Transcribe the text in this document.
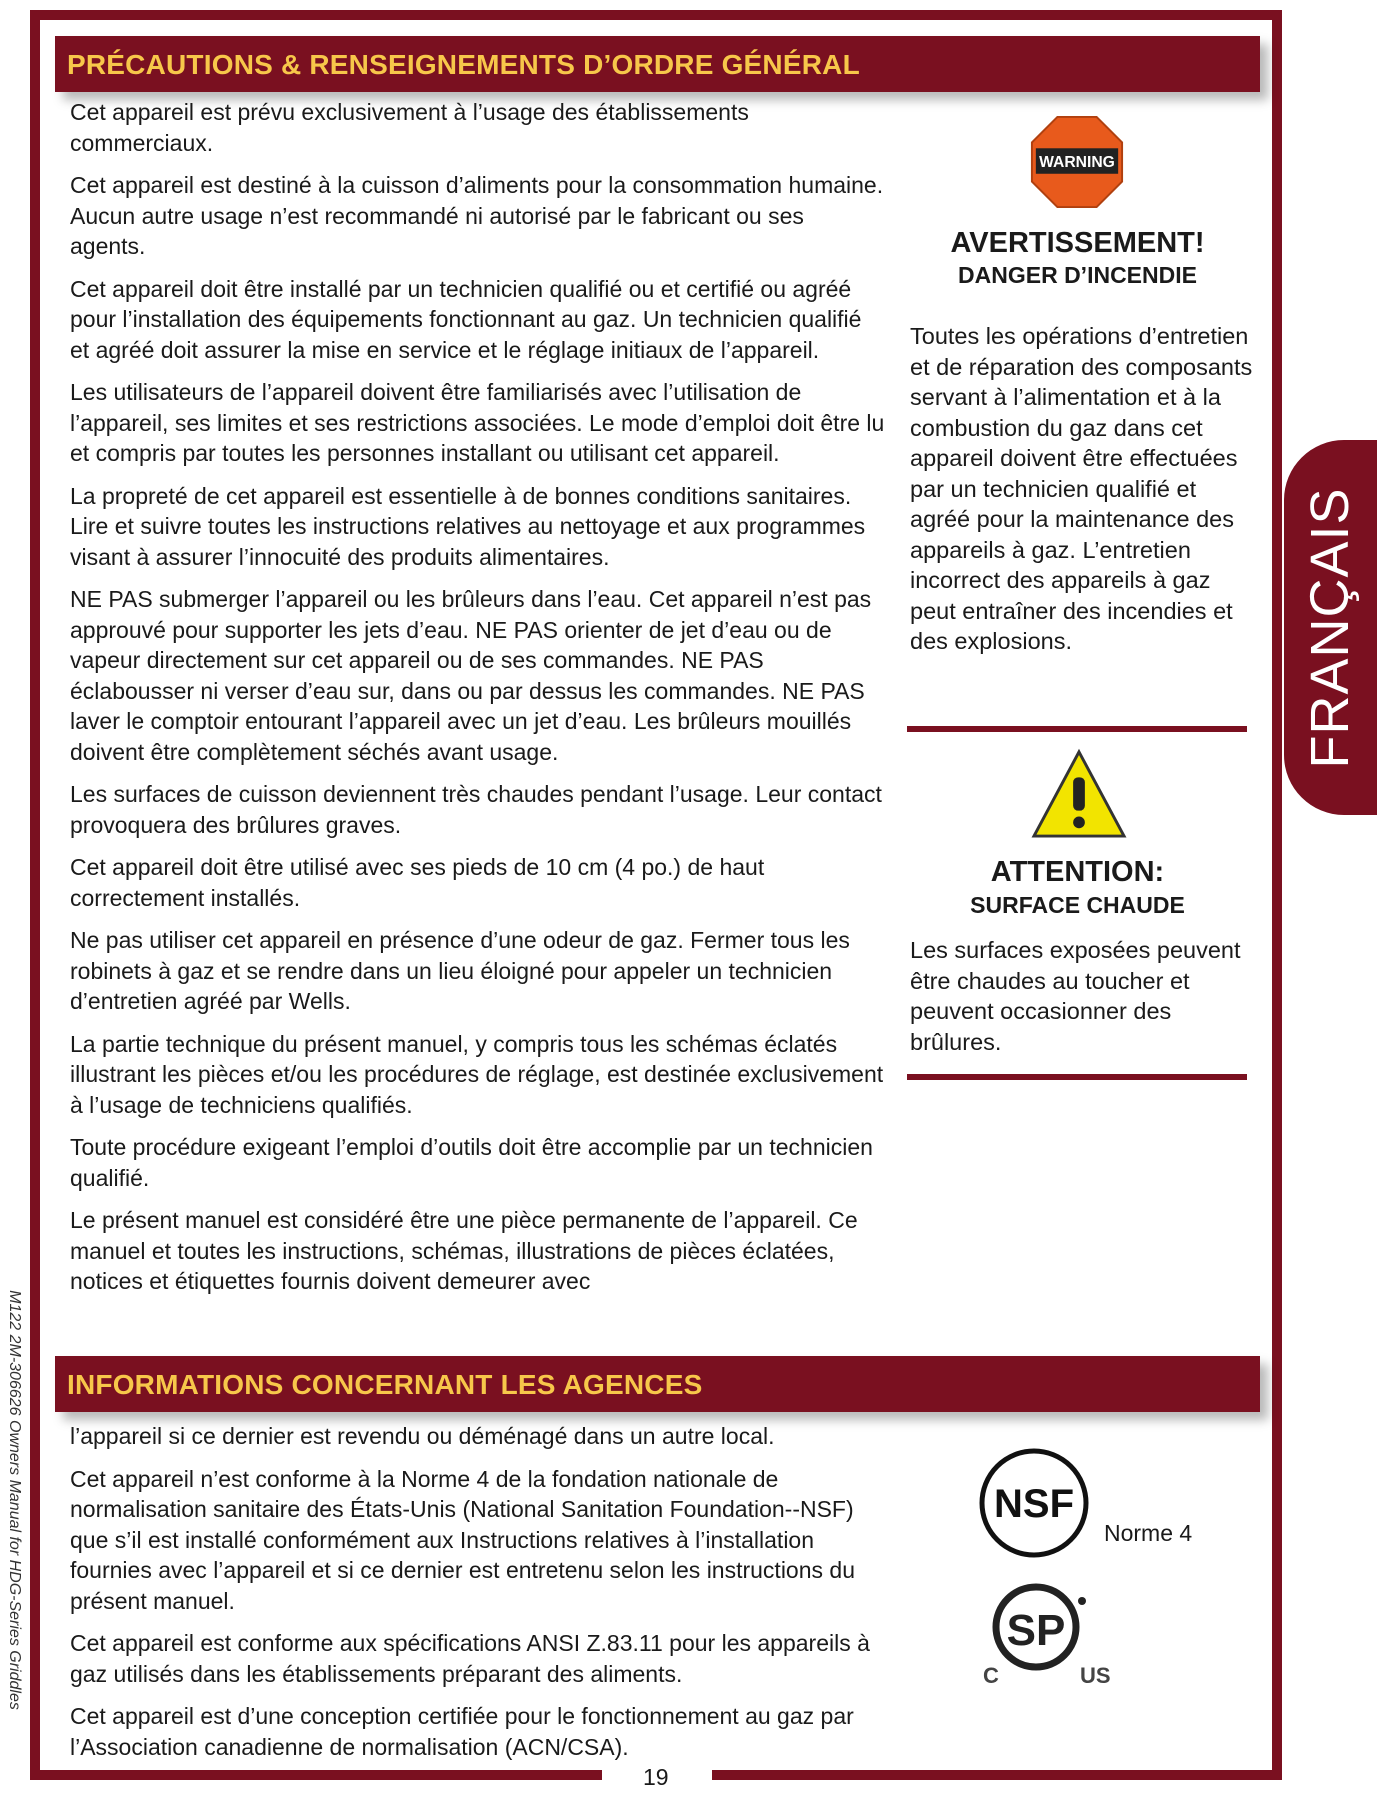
PRÉCAUTIONS & RENSEIGNEMENTS D’ORDRE GÉNÉRAL

Cet appareil est prévu exclusivement à l’usage des établissements commerciaux.

Cet appareil est destiné à la cuisson d’aliments pour la consommation humaine. Aucun autre usage n’est recommandé ni autorisé par le fabricant ou ses agents.

Cet appareil doit être installé par un technicien qualifié ou et certifié ou agréé pour l’installation des équipements fonctionnant au gaz. Un technicien qualifié et agréé doit assurer la mise en service et le réglage initiaux de l’appareil.

Les utilisateurs de l’appareil doivent être familiarisés avec l’utilisation de l’appareil, ses limites et ses restrictions associées. Le mode d’emploi doit être lu et compris par toutes les personnes installant ou utilisant cet appareil.

La propreté de cet appareil est essentielle à de bonnes conditions sanitaires. Lire et suivre toutes les instructions relatives au nettoyage et aux programmes visant à assurer l’innocuité des produits alimentaires.

NE PAS submerger l’appareil ou les brûleurs dans l’eau. Cet appareil n’est pas approuvé pour supporter les jets d’eau. NE PAS orienter de jet d’eau ou de vapeur directement sur cet appareil ou de ses commandes. NE PAS éclabousser ni verser d’eau sur, dans ou par dessus les commandes. NE PAS laver le comptoir entourant l’appareil avec un jet d’eau. Les brûleurs mouillés doivent être complètement séchés avant usage.

Les surfaces de cuisson deviennent très chaudes pendant l’usage. Leur contact provoquera des brûlures graves.

Cet appareil doit être utilisé avec ses pieds de 10 cm (4 po.) de haut correctement installés.

Ne pas utiliser cet appareil en présence d’une odeur de gaz. Fermer tous les robinets à gaz et se rendre dans un lieu éloigné pour appeler un technicien d’entretien agréé par Wells.

La partie technique du présent manuel, y compris tous les schémas éclatés illustrant les pièces et/ou les procédures de réglage, est destinée exclusivement à l’usage de techniciens qualifiés.

Toute procédure exigeant l’emploi d’outils doit être accomplie par un technicien qualifié.

Le présent manuel est considéré être une pièce permanente de l’appareil. Ce manuel et toutes les instructions, schémas, illustrations de pièces éclatées, notices et étiquettes fournis doivent demeurer avec

INFORMATIONS CONCERNANT LES AGENCES

l’appareil si ce dernier est revendu ou déménagé dans un autre local.

Cet appareil n’est conforme à la Norme 4 de la fondation nationale de normalisation sanitaire des États-Unis (National Sanitation Foundation--NSF) que s’il est installé conformément aux Instructions relatives à l’installation fournies avec l’appareil et si ce dernier est entretenu selon les instructions du présent manuel.

Cet appareil est conforme aux spécifications ANSI Z.83.11 pour les appareils à gaz utilisés dans les établissements préparant des aliments.

Cet appareil est d’une conception certifiée pour le fonctionnement au gaz par l’Association canadienne de normalisation (ACN/CSA).

WARNING
AVERTISSEMENT!
DANGER D’INCENDIE
Toutes les opérations d’entretien et de réparation des composants servant à l’alimentation et à la combustion du gaz dans cet appareil doivent être effectuées par un technicien qualifié et agréé pour la maintenance des appareils à gaz. L’entretien incorrect des appareils à gaz peut entraîner des incendies et des explosions.
ATTENTION:
SURFACE CHAUDE
Les surfaces exposées peuvent être chaudes au toucher et peuvent occasionner des brûlures.
NSF
Norme 4
SP
C	US
FRANÇAIS
M122 2M-306626 Owners Manual for HDG-Series Griddles
19
